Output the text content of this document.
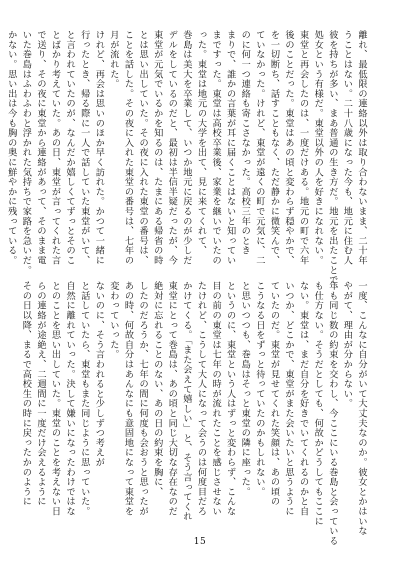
離れ、最低限の連絡以外は取り合わないまま、二十年
うことはない。二十八歳になった今も、地元に住む人
彼を持ちが多い、まあ普通の生き方だ。地元を出たことで、
処女という有様だ。東堂以外の人を好きになれない。
東堂と再会したのは、一度だけある。地元の町で六年
後のことだった。東堂はあの頃と変わらず穏やかで、
を一切断ち、話すこともなく、ただ静かに微笑んで、
ていなかった。けれど、東堂が遠くの町で元気に、二
のに何一つ連絡も寄こさなかった。高校三年のとき
まりで、誰かの言葉が耳に届くことはないと知ってい
まですった。東堂は高校卒業後、家業を継いでいたの
った。東堂は地元の大学を出て、見に来てくれて、
巻島は美大を卒業して、いつか地元に戻るのが少しだ
デルをしているのだと、最初は半信半疑だったが、今
東堂が元気でいるかを知るのは、たまにある帰省の時
とは思い出していた。その夜に入れた東堂の番号は、
ことを話した。その夜に入れた東堂の番号は、七年の
月が流れた。
けれど、再会は思いのほか早く訪れた。かつて一緒に
行ったとき、帰る際に一人で話していた東堂がいて、
と言われていたのが、なんだか嬉しくてずっとそのこ
とばかり考えていた。あの日、東堂が言ってくれた言
で送り、その夜に東堂から連絡があって、そのまま電
いた巻島はふわふわと浮かれた気持ちで家路を急いだ。
かない。思い出は今も胸の奥に鮮やかに残っている。
一度、こんなに自分がいて大丈夫なのか。彼女とかはいな
やがて、理由が分からない。
年も同じ数の約束を交わし、今ここにいる巻島と会っている
も仕方ない。そうだとしても、何故かどうしてもここに
ない。東堂は、まだ自分を好きでいてくれるのかと自
いつか、どこかで、東堂がまた会いたいと思うように
ていたのだ。東堂が見せてくれた笑顔は、あの頃の
こうなる日をずっと待っていたのかもしれない。
と思いつつも、巻島はそっと東堂の隣に座った。
というのに、東堂という人はずっと変わらず、こんな
目の前の東堂は七年の時が流れたことを感じさせない
たけれど、こうして大人になって会うのは何度目だろ
かけてくる。「また会えて嬉しい」と、そう言ってくれ
東堂にとって巻島は、あの頃と同じ大切な存在なのだ
絶対に忘れることのない、あの日の約束を胸に、
したのだろうか、七年の間に何度も会おうと思ったが
あの時、何故自分はあんなにも意固地になって東堂を
変わっていった。
ないのに、そう言われると少しずつ考えが
と話していたら、東堂もまた同じように思っていた。
自然に離れていった。決して嫌いになったわけではな
とのことを思い出していた。東堂のことを考えない日
らの連絡が途絶え、二週間に一度だけ会えるように
その日以降、まるで高校生の時に戻ったかのように
15
